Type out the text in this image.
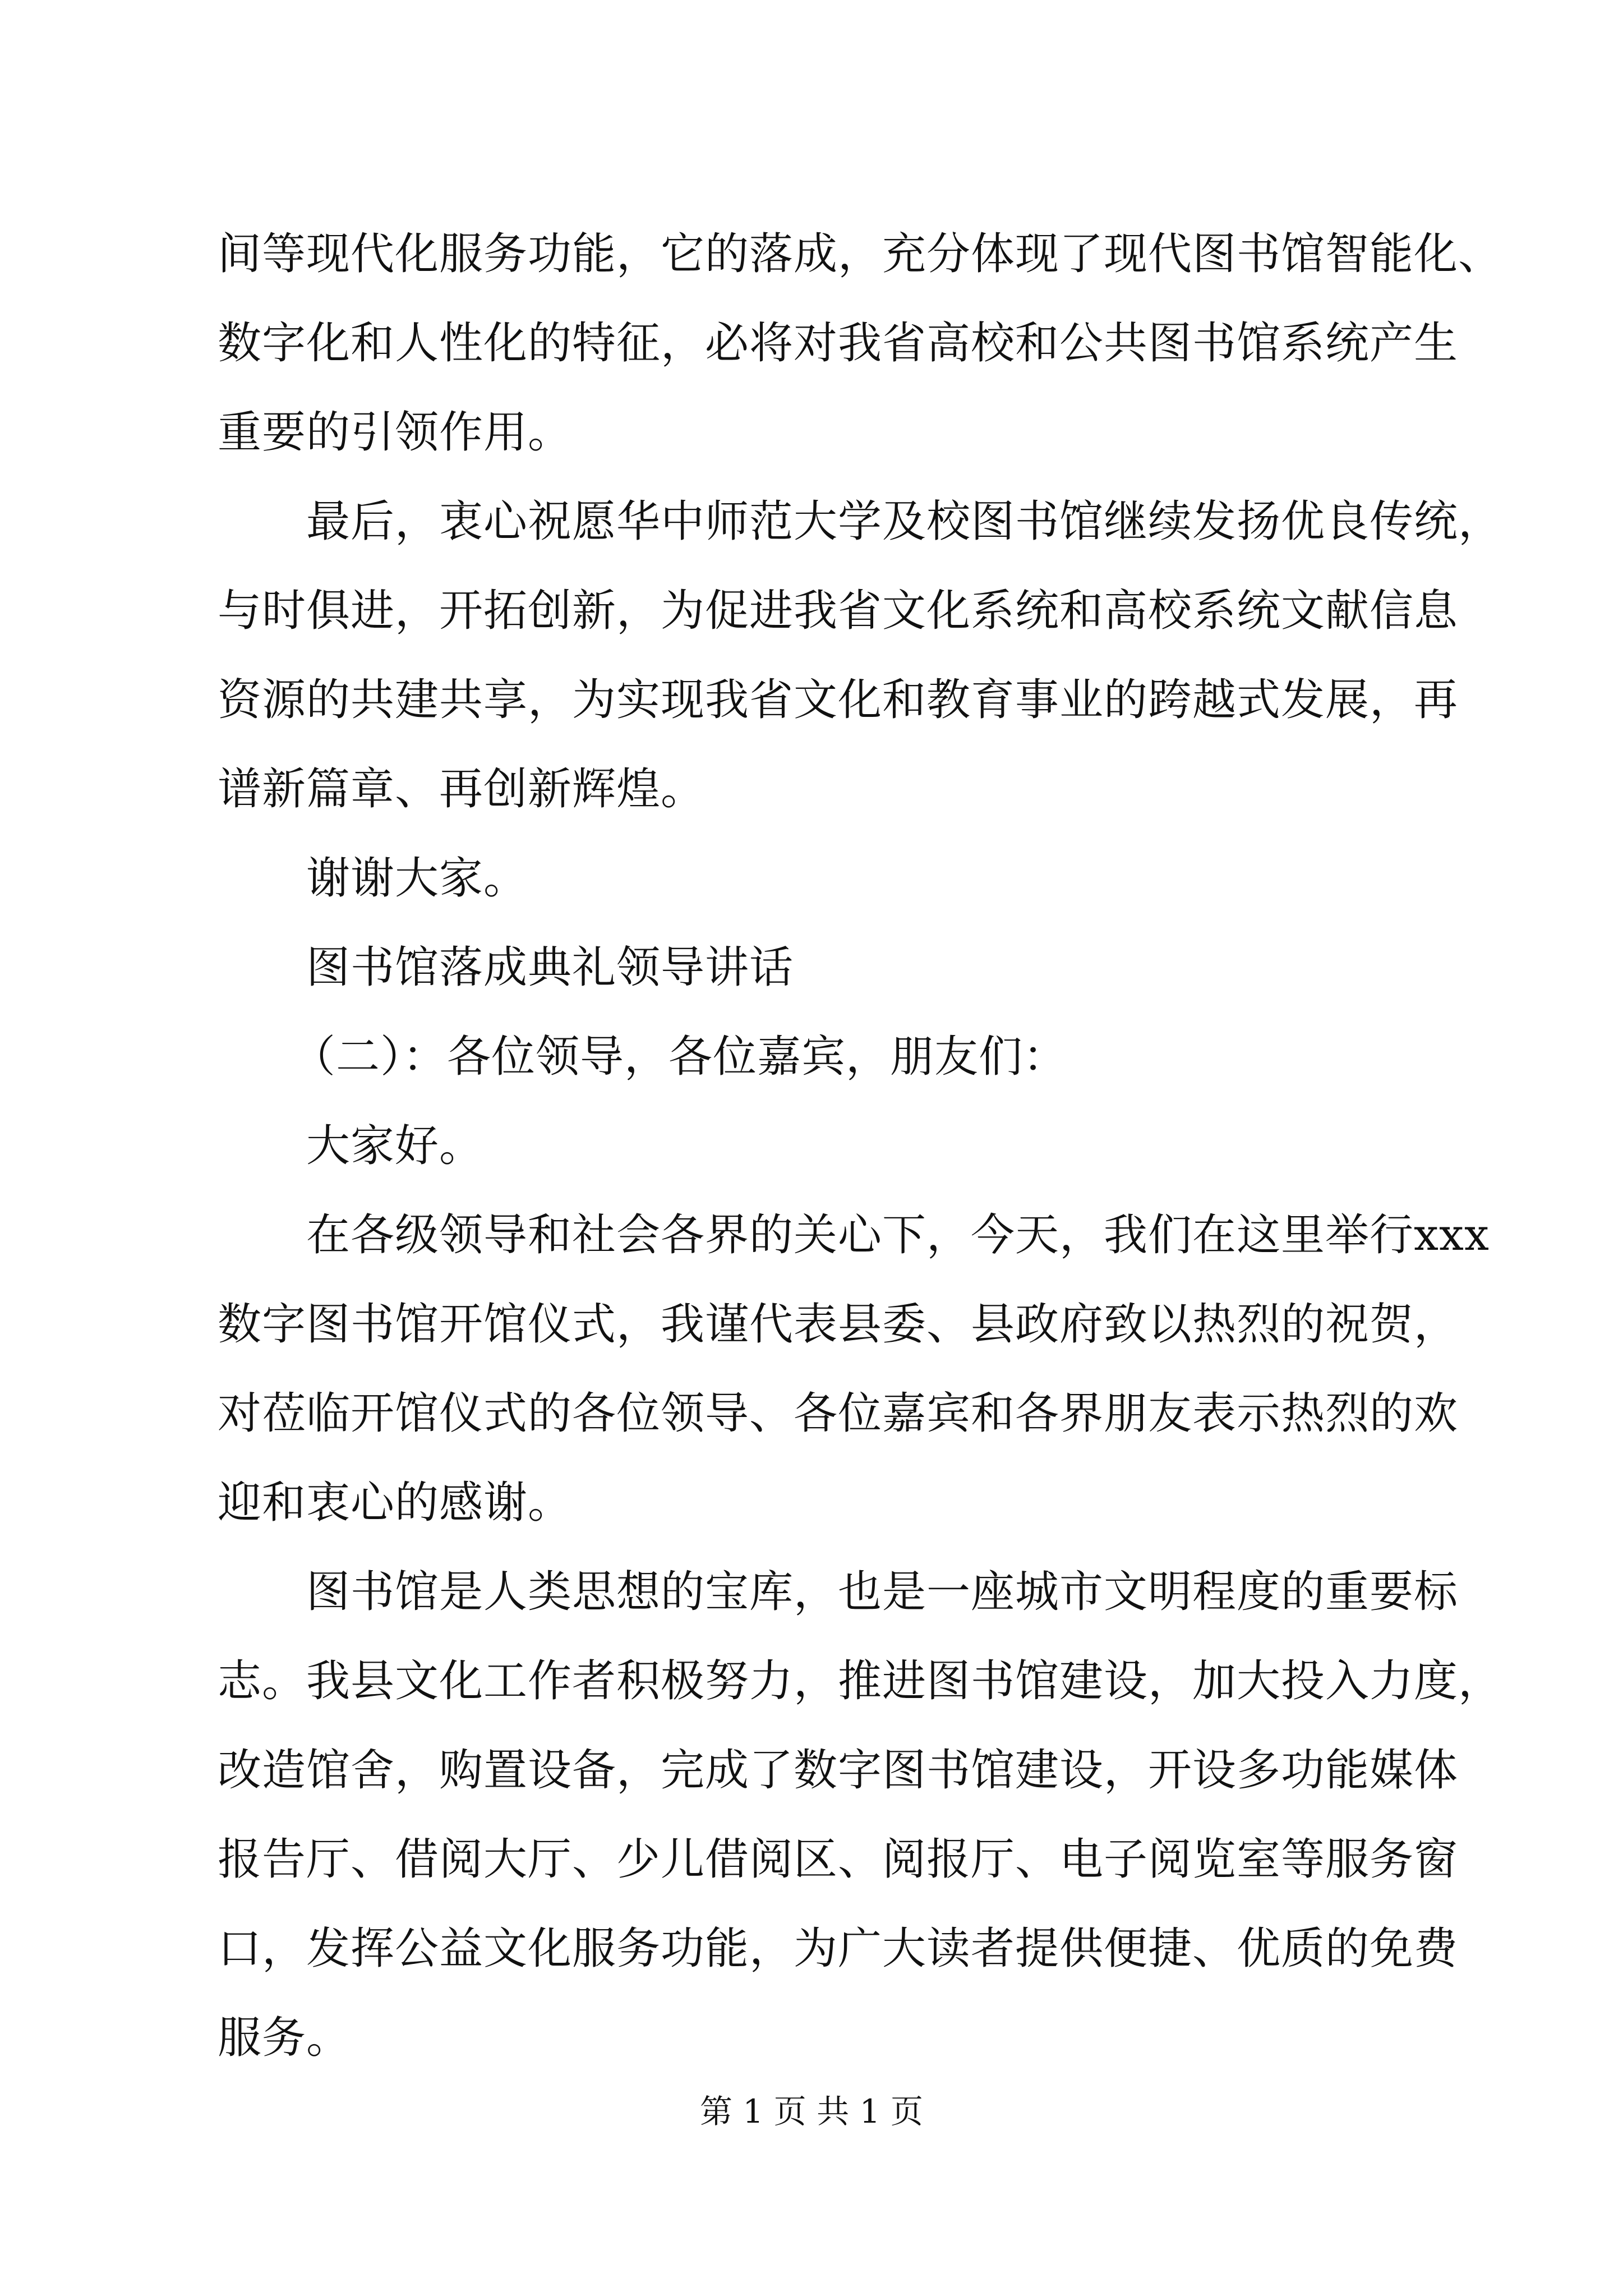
间等现代化服务功能，它的落成，充分体现了现代图书馆智能化、
数字化和人性化的特征，必将对我省高校和公共图书馆系统产生
重要的引领作用。
最后，衷心祝愿华中师范大学及校图书馆继续发扬优良传统，
与时俱进，开拓创新，为促进我省文化系统和高校系统文献信息
资源的共建共享，为实现我省文化和教育事业的跨越式发展，再
谱新篇章、再创新辉煌。
谢谢大家。
图书馆落成典礼领导讲话
（二）：各位领导，各位嘉宾，朋友们：
大家好。
在各级领导和社会各界的关心下，今天，我们在这里举行xxx
数字图书馆开馆仪式，我谨代表县委、县政府致以热烈的祝贺，
对莅临开馆仪式的各位领导、各位嘉宾和各界朋友表示热烈的欢
迎和衷心的感谢。
图书馆是人类思想的宝库，也是一座城市文明程度的重要标
志。我县文化工作者积极努力，推进图书馆建设，加大投入力度，
改造馆舍，购置设备，完成了数字图书馆建设，开设多功能媒体
报告厅、借阅大厅、少儿借阅区、阅报厅、电子阅览室等服务窗
口，发挥公益文化服务功能，为广大读者提供便捷、优质的免费
服务。
第 1 页 共 1 页
